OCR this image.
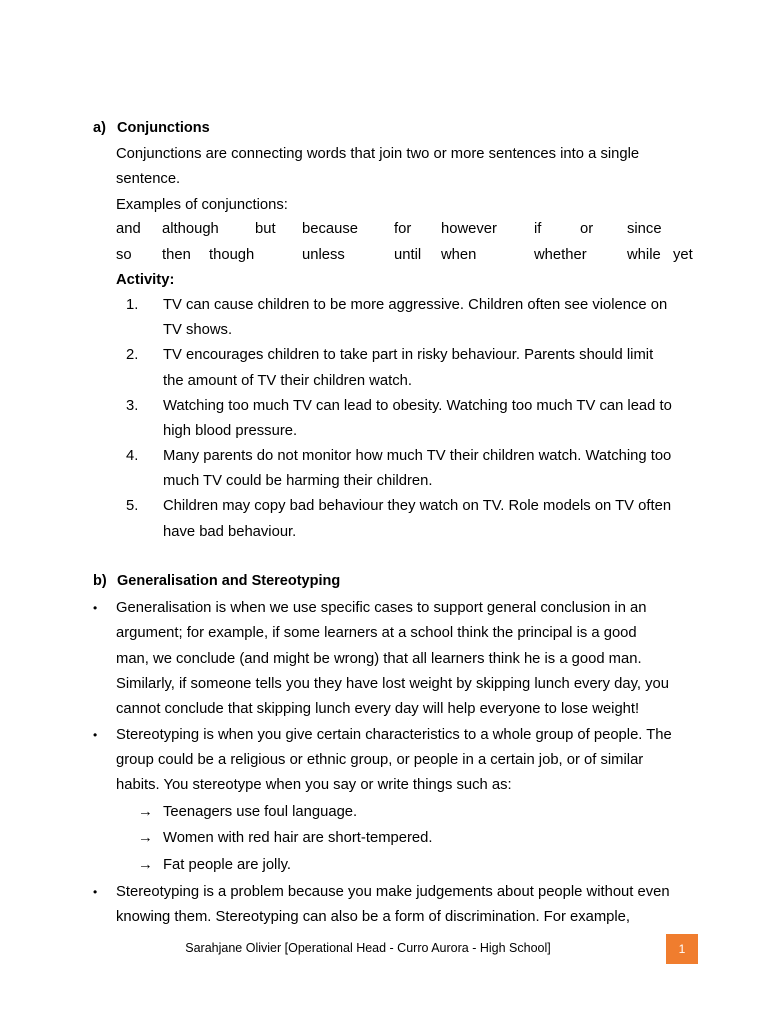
a) Conjunctions
Conjunctions are connecting words that join two or more sentences into a single
sentence.
Examples of conjunctions:
and although but because for however	if	or since
so then though	unless	until when	whether	while yet
Activity:
1. TV can cause children to be more aggressive. Children often see violence on
TV shows.
2. TV encourages children to take part in risky behaviour. Parents should limit
the amount of TV their children watch.
3. Watching too much TV can lead to obesity. Watching too much TV can lead to
high blood pressure.
4. Many parents do not monitor how much TV their children watch. Watching too
much TV could be harming their children.
5. Children may copy bad behaviour they watch on TV. Role models on TV often
have bad behaviour.
b) Generalisation and Stereotyping
• Generalisation is when we use specific cases to support general conclusion in an
argument; for example, if some learners at a school think the principal is a good
man, we conclude (and might be wrong) that all learners think he is a good man.
Similarly, if someone tells you they have lost weight by skipping lunch every day, you
cannot conclude that skipping lunch every day will help everyone to lose weight!
• Stereotyping is when you give certain characteristics to a whole group of people. The
group could be a religious or ethnic group, or people in a certain job, or of similar
habits. You stereotype when you say or write things such as:
→ Teenagers use foul language.
→ Women with red hair are short-tempered.
→ Fat people are jolly.
• Stereotyping is a problem because you make judgements about people without even
knowing them. Stereotyping can also be a form of discrimination. For example,
Sarahjane Olivier [Operational Head - Curro Aurora - High School]	1
